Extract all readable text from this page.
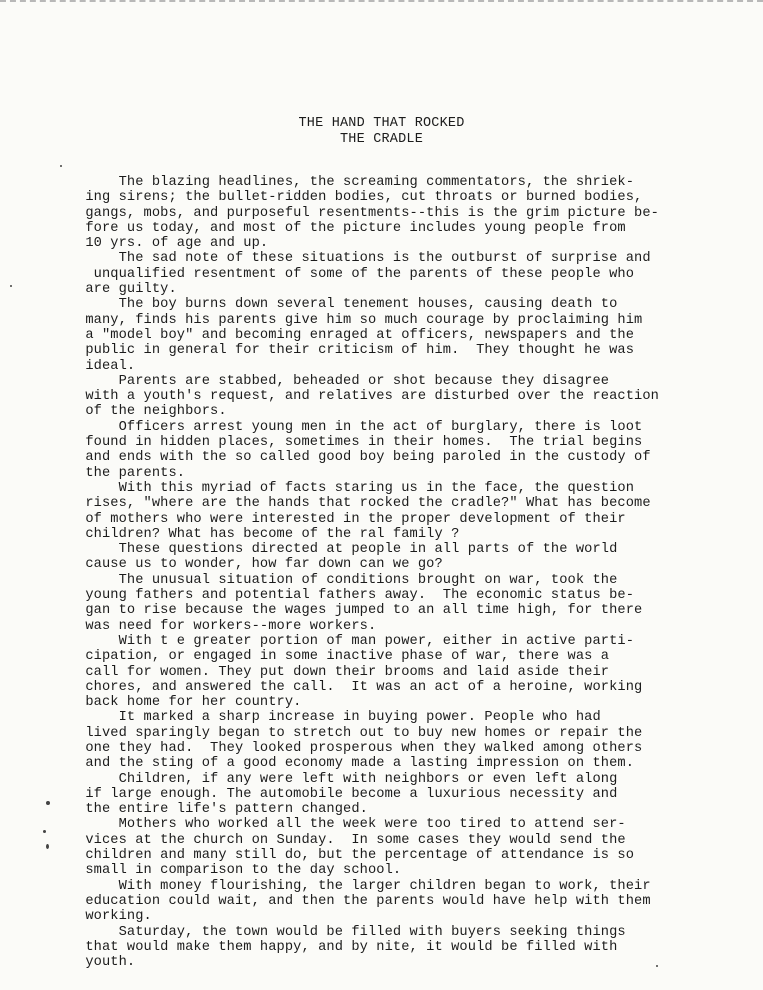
THE HAND THAT ROCKED
THE CRADLE
The blazing headlines, the screaming commentators, the shriek-
ing sirens; the bullet-ridden bodies, cut throats or burned bodies,
gangs, mobs, and purposeful resentments--this is the grim picture be-
fore us today, and most of the picture includes young people from
10 yrs. of age and up.
The sad note of these situations is the outburst of surprise and
unqualified resentment of some of the parents of these people who
are guilty.
The boy burns down several tenement houses, causing death to
many, finds his parents give him so much courage by proclaiming him
a "model boy" and becoming enraged at officers, newspapers and the
public in general for their criticism of him.  They thought he was
ideal.
Parents are stabbed, beheaded or shot because they disagree
with a youth's request, and relatives are disturbed over the reaction
of the neighbors.
Officers arrest young men in the act of burglary, there is loot
found in hidden places, sometimes in their homes.  The trial begins
and ends with the so called good boy being paroled in the custody of
the parents.
With this myriad of facts staring us in the face, the question
rises, "where are the hands that rocked the cradle?" What has become
of mothers who were interested in the proper development of their
children? What has become of the ral family ?
These questions directed at people in all parts of the world
cause us to wonder, how far down can we go?
The unusual situation of conditions brought on war, took the
young fathers and potential fathers away.  The economic status be-
gan to rise because the wages jumped to an all time high, for there
was need for workers--more workers.
With t e greater portion of man power, either in active parti-
cipation, or engaged in some inactive phase of war, there was a
call for women. They put down their brooms and laid aside their
chores, and answered the call.  It was an act of a heroine, working
back home for her country.
It marked a sharp increase in buying power. People who had
lived sparingly began to stretch out to buy new homes or repair the
one they had.  They looked prosperous when they walked among others
and the sting of a good economy made a lasting impression on them.
Children, if any were left with neighbors or even left along
if large enough. The automobile become a luxurious necessity and
the entire life's pattern changed.
Mothers who worked all the week were too tired to attend ser-
vices at the church on Sunday.  In some cases they would send the
children and many still do, but the percentage of attendance is so
small in comparison to the day school.
With money flourishing, the larger children began to work, their
education could wait, and then the parents would have help with them
working.
Saturday, the town would be filled with buyers seeking things
that would make them happy, and by nite, it would be filled with
youth.
